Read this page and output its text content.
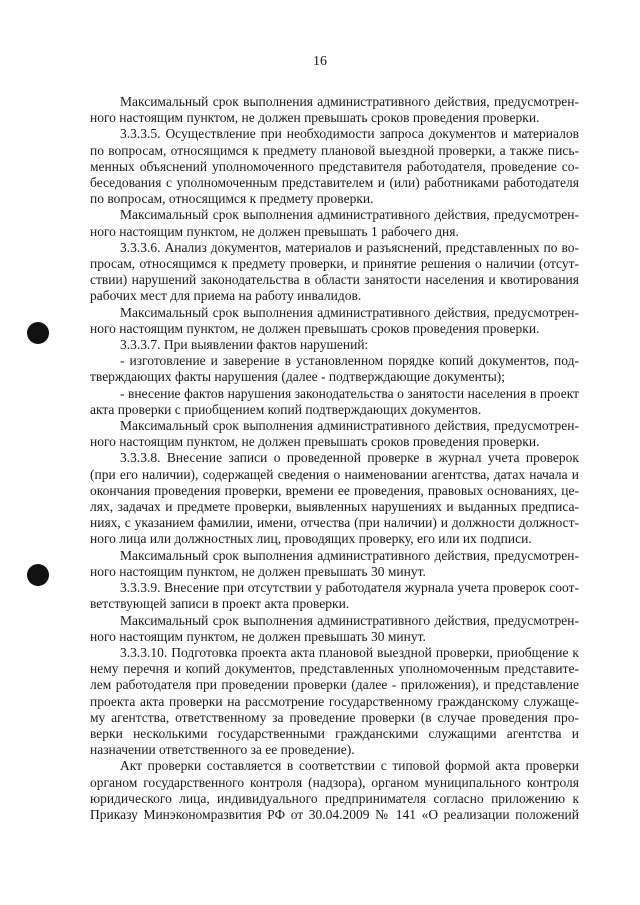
16

Максимальный срок выполнения административного действия, предусмотрен-
ного настоящим пунктом, не должен превышать сроков проведения проверки.

3.3.3.5. Осуществление при необходимости запроса документов и материалов
по вопросам, относящимся к предмету плановой выездной проверки, а также пись-
менных объяснений уполномоченного представителя работодателя, проведение со-
беседования с уполномоченным представителем и (или) работниками работодателя
по вопросам, относящимся к предмету проверки.

Максимальный срок выполнения административного действия, предусмотрен-
ного настоящим пунктом, не должен превышать 1 рабочего дня.

3.3.3.6. Анализ документов, материалов и разъяснений, представленных по во-
просам, относящимся к предмету проверки, и принятие решения о наличии (отсут-
ствии) нарушений законодательства в области занятости населения и квотирования
рабочих мест для приема на работу инвалидов.

Максимальный срок выполнения административного действия, предусмотрен-
ного настоящим пунктом, не должен превышать сроков проведения проверки.

3.3.3.7. При выявлении фактов нарушений:

- изготовление и заверение в установленном порядке копий документов, под-
тверждающих факты нарушения (далее - подтверждающие документы);

- внесение фактов нарушения законодательства о занятости населения в проект
акта проверки с приобщением копий подтверждающих документов.

Максимальный срок выполнения административного действия, предусмотрен-
ного настоящим пунктом, не должен превышать сроков проведения проверки.

3.3.3.8. Внесение записи о проведенной проверке в журнал учета проверок
(при его наличии), содержащей сведения о наименовании агентства, датах начала и
окончания проведения проверки, времени ее проведения, правовых основаниях, це-
лях, задачах и предмете проверки, выявленных нарушениях и выданных предписа-
ниях, с указанием фамилии, имени, отчества (при наличии) и должности должност-
ного лица или должностных лиц, проводящих проверку, его или их подписи.

Максимальный срок выполнения административного действия, предусмотрен-
ного настоящим пунктом, не должен превышать 30 минут.

3.3.3.9. Внесение при отсутствии у работодателя журнала учета проверок соот-
ветствующей записи в проект акта проверки.

Максимальный срок выполнения административного действия, предусмотрен-
ного настоящим пунктом, не должен превышать 30 минут.

3.3.3.10. Подготовка проекта акта плановой выездной проверки, приобщение к
нему перечня и копий документов, представленных уполномоченным представите-
лем работодателя при проведении проверки (далее - приложения), и представление
проекта акта проверки на рассмотрение государственному гражданскому служаще-
му агентства, ответственному за проведение проверки (в случае проведения про-
верки несколькими государственными гражданскими служащими агентства и
назначении ответственного за ее проведение).

Акт проверки составляется в соответствии с типовой формой акта проверки
органом государственного контроля (надзора), органом муниципального контроля
юридического лица, индивидуального предпринимателя согласно приложению к
Приказу Минэкономразвития РФ от 30.04.2009 № 141 «О реализации положений
